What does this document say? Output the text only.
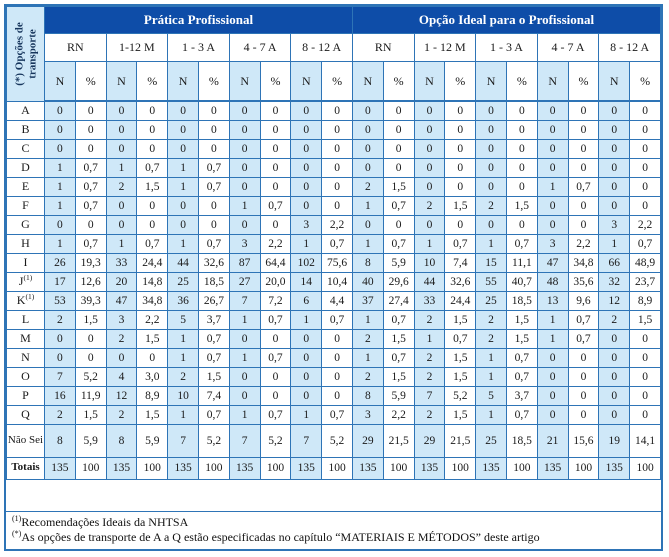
(*) Opções de transporte	Prática Profissional										Opção Ideal para o Profissional									
	RN		1-12 M		1 - 3 A		4 - 7 A		8 - 12 A		RN		1 - 12 M		1 - 3 A		4 - 7 A		8 - 12 A	
	N	%	N	%	N	%	N	%	N	%	N	%	N	%	N	%	N	%	N	%
A	0	0	0	0	0	0	0	0	0	0	0	0	0	0	0	0	0	0	0	0
B	0	0	0	0	0	0	0	0	0	0	0	0	0	0	0	0	0	0	0	0
C	0	0	0	0	0	0	0	0	0	0	0	0	0	0	0	0	0	0	0	0
D	1	0,7	1	0,7	1	0,7	0	0	0	0	0	0	0	0	0	0	0	0	0	0
E	1	0,7	2	1,5	1	0,7	0	0	0	0	2	1,5	0	0	0	0	1	0,7	0	0
F	1	0,7	0	0	0	0	1	0,7	0	0	1	0,7	2	1,5	2	1,5	0	0	0	0
G	0	0	0	0	0	0	0	0	3	2,2	0	0	0	0	0	0	0	0	3	2,2
H	1	0,7	1	0,7	1	0,7	3	2,2	1	0,7	1	0,7	1	0,7	1	0,7	3	2,2	1	0,7
I	26	19,3	33	24,4	44	32,6	87	64,4	102	75,6	8	5,9	10	7,4	15	11,1	47	34,8	66	48,9
$J^{(1)}$	17	12,6	20	14,8	25	18,5	27	20,0	14	10,4	40	29,6	44	32,6	55	40,7	48	35,6	32	23,7
$K^{(1)}$	53	39,3	47	34,8	36	26,7	7	7,2	6	4,4	37	27,4	33	24,4	25	18,5	13	9,6	12	8,9
L	2	1,5	3	2,2	5	3,7	1	0,7	1	0,7	1	0,7	2	1,5	2	1,5	1	0,7	2	1,5
M	0	0	2	1,5	1	0,7	0	0	0	0	2	1,5	1	0,7	2	1,5	1	0,7	0	0
N	0	0	0	0	1	0,7	1	0,7	0	0	1	0,7	2	1,5	1	0,7	0	0	0	0
O	7	5,2	4	3,0	2	1,5	0	0	0	0	2	1,5	2	1,5	1	0,7	0	0	0	0
P	16	11,9	12	8,9	10	7,4	0	0	0	0	8	5,9	7	5,2	5	3,7	0	0	0	0
Q	2	1,5	2	1,5	1	0,7	1	0,7	1	0,7	3	2,2	2	1,5	1	0,7	0	0	0	0
Não Sei	8	5,9	8	5,9	7	5,2	7	5,2	7	5,2	29	21,5	29	21,5	25	18,5	21	15,6	19	14,1
Totais	135	100	135	100	135	100	135	100	135	100	135	100	135	100	135	100	135	100	135	100
$^{(1)}$Recomendações Ideais da NHTSA
(*)As opções de transporte de A a Q estão especificadas no capítulo “MATERIAIS E MÉTODOS” deste artigo
